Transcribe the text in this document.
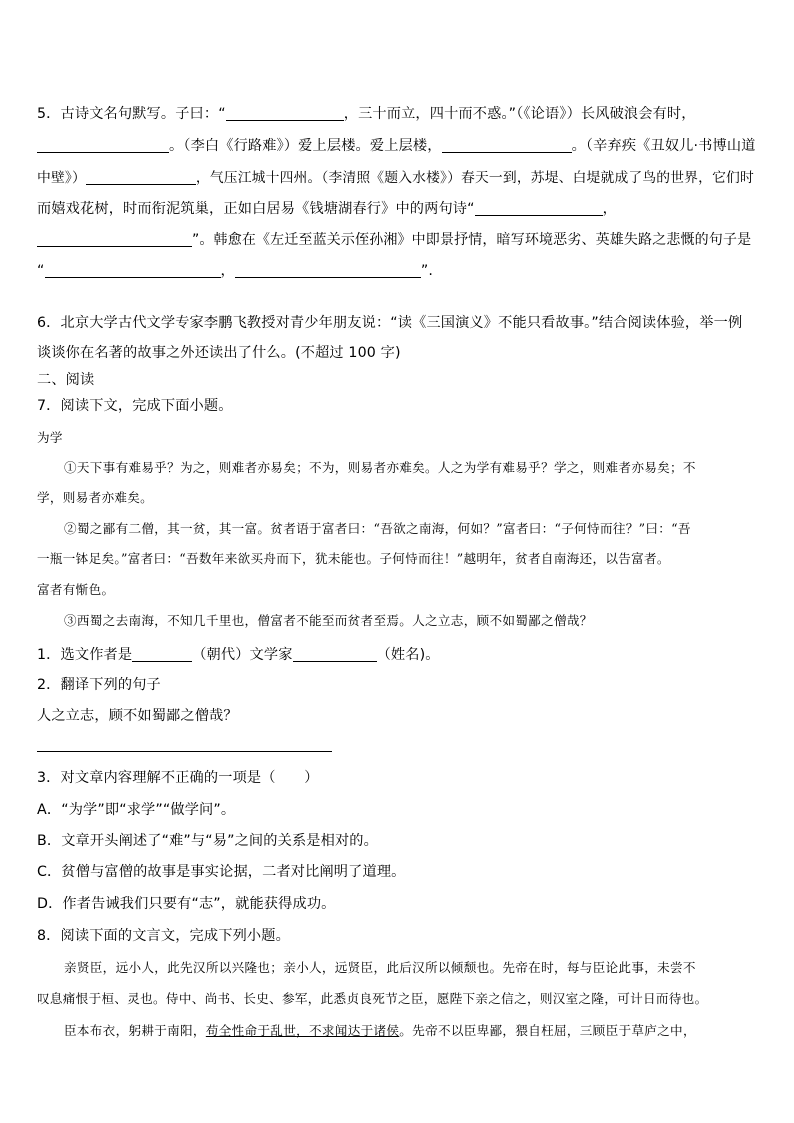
5．古诗文名句默写。子曰：“	，三十而立，四十而不惑。”（《论语》）长风破浪会有时，
。（李白《行路难》）爱上层楼。爱上层楼，	。（辛弃疾《丑奴儿·书博山道
中壁》）	，气压江城十四州。（李清照《题入水楼》）春天一到，苏堤、白堤就成了鸟的世界，它们时
而嬉戏花树，时而衔泥筑巢，正如白居易《钱塘湖春行》中的两句诗“	，
”。韩愈在《左迁至蓝关示侄孙湘》中即景抒情，暗写环境恶劣、英雄失路之悲慨的句子是
“	，	”.
6．北京大学古代文学专家李鹏飞教授对青少年朋友说：“读《三国演义》不能只看故事。”结合阅读体验，举一例
谈谈你在名著的故事之外还读出了什么。(不超过 100 字)
二、阅读
7．阅读下文，完成下面小题。
为学
①天下事有难易乎？为之，则难者亦易矣；不为，则易者亦难矣。人之为学有难易乎？学之，则难者亦易矣；不
学，则易者亦难矣。
②蜀之鄙有二僧，其一贫，其一富。贫者语于富者曰：“吾欲之南海，何如？”富者曰：“子何恃而往？”曰：“吾
一瓶一钵足矣。”富者曰：“吾数年来欲买舟而下，犹未能也。子何恃而往！”越明年，贫者自南海还，以告富者。
富者有惭色。
③西蜀之去南海，不知几千里也，僧富者不能至而贫者至焉。人之立志，顾不如蜀鄙之僧哉？
1．选文作者是	（朝代）文学家	（姓名)。
2．翻译下列的句子
人之立志，顾不如蜀鄙之僧哉？
3．对文章内容理解不正确的一项是（　　）
A．“为学”即“求学”“做学问”。
B．文章开头阐述了“难”与“易”之间的关系是相对的。
C．贫僧与富僧的故事是事实论据，二者对比阐明了道理。
D．作者告诫我们只要有“志”，就能获得成功。
8．阅读下面的文言文，完成下列小题。
亲贤臣，远小人，此先汉所以兴隆也；亲小人，远贤臣，此后汉所以倾颓也。先帝在时，每与臣论此事，未尝不
叹息痛恨于桓、灵也。侍中、尚书、长史、参军，此悉贞良死节之臣，愿陛下亲之信之，则汉室之隆，可计日而待也。
臣本布衣，躬耕于南阳，苟全性命于乱世，不求闻达于诸侯。先帝不以臣卑鄙，猥自枉屈，三顾臣于草庐之中，
